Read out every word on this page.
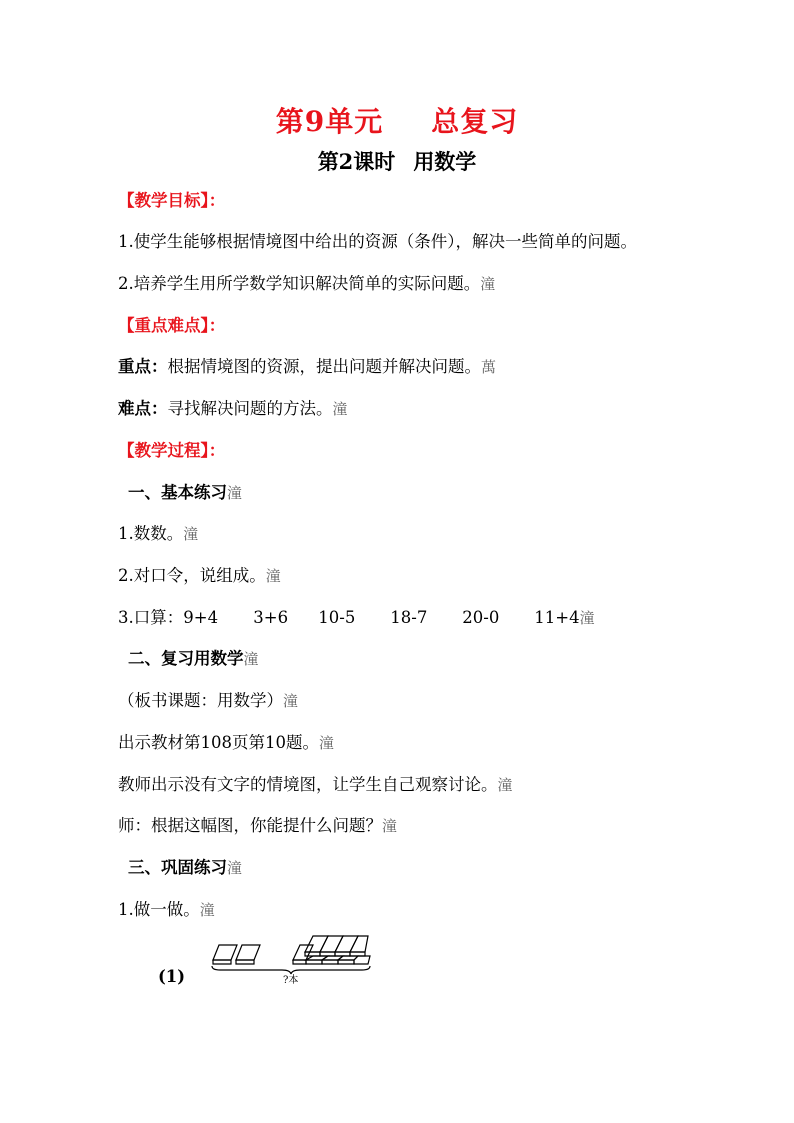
第9单元 总复习
第2课时 用数学
【教学目标】：
1.使学生能够根据情境图中给出的资源（条件），解决一些简单的问题。
2.培养学生用所学数学知识解决简单的实际问题。潼
【重点难点】：
重点：根据情境图的资源，提出问题并解决问题。萬
难点：寻找解决问题的方法。潼
【教学过程】：
一、基本练习潼
1.数数。潼
2.对口令，说组成。潼
3.口算：9+4 3+6 10-5 18-7 20-0 11+4潼
二、复习用数学潼
（板书课题：用数学）潼
出示教材第108页第10题。潼
教师出示没有文字的情境图，让学生自己观察讨论。潼
师：根据这幅图，你能提什么问题？潼
三、巩固练习潼
1.做一做。潼
(1)	?本
